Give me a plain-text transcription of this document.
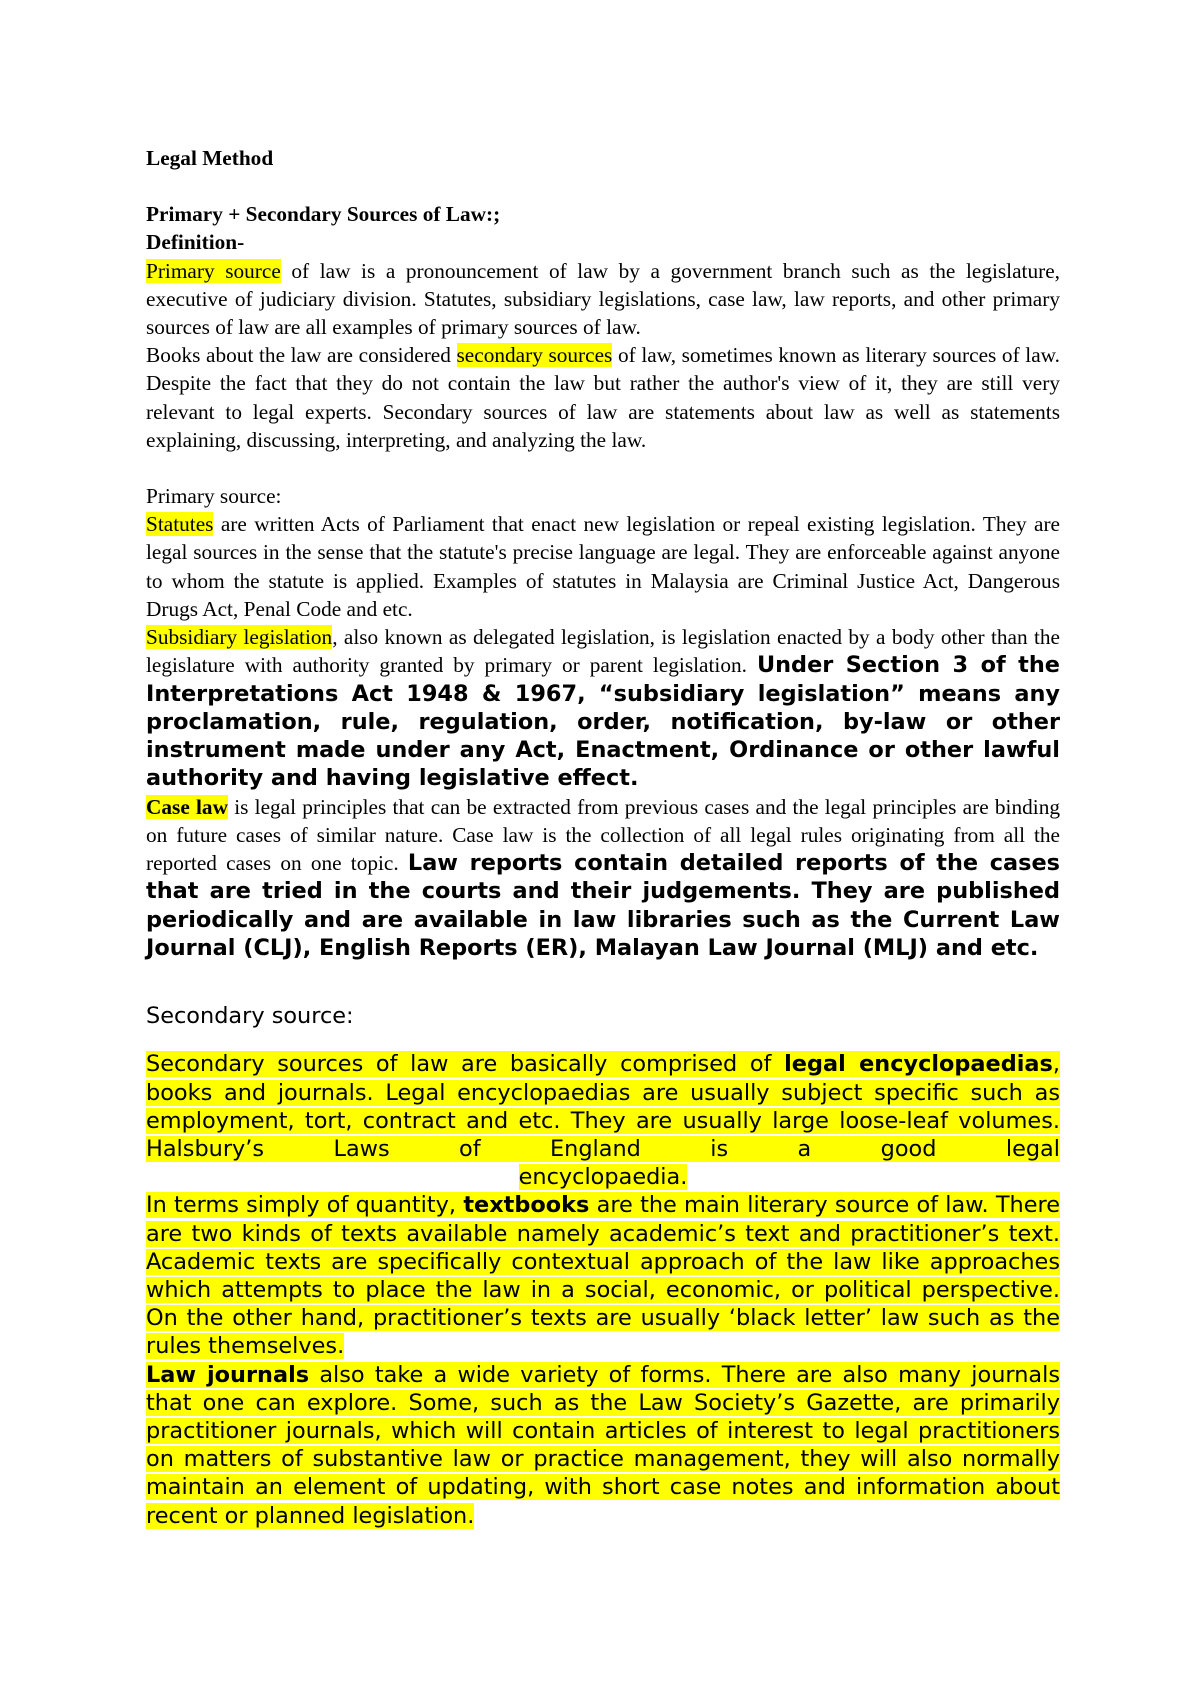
Legal Method

Primary + Secondary Sources of Law:;

Definition-

Primary source of law is a pronouncement of law by a government branch such as the legislature, executive of judiciary division. Statutes, subsidiary legislations, case law, law reports, and other primary sources of law are all examples of primary sources of law.

Books about the law are considered secondary sources of law, sometimes known as literary sources of law. Despite the fact that they do not contain the law but rather the author's view of it, they are still very relevant to legal experts. Secondary sources of law are statements about law as well as statements explaining, discussing, interpreting, and analyzing the law.

Primary source:

Statutes are written Acts of Parliament that enact new legislation or repeal existing legislation. They are legal sources in the sense that the statute's precise language are legal. They are enforceable against anyone to whom the statute is applied. Examples of statutes in Malaysia are Criminal Justice Act, Dangerous Drugs Act, Penal Code and etc.

Subsidiary legislation, also known as delegated legislation, is legislation enacted by a body other than the legislature with authority granted by primary or parent legislation. Under Section 3 of the Interpretations Act 1948 & 1967, “subsidiary legislation” means any proclamation, rule, regulation, order, notification, by-law or other instrument made under any Act, Enactment, Ordinance or other lawful authority and having legislative effect.

Case law is legal principles that can be extracted from previous cases and the legal principles are binding on future cases of similar nature. Case law is the collection of all legal rules originating from all the reported cases on one topic. Law reports contain detailed reports of the cases that are tried in the courts and their judgements. They are published periodically and are available in law libraries such as the Current Law Journal (CLJ), English Reports (ER), Malayan Law Journal (MLJ) and etc.

Secondary source:

Secondary sources of law are basically comprised of legal encyclopaedias, books and journals. Legal encyclopaedias are usually subject specific such as employment, tort, contract and etc. They are usually large loose-leaf volumes. Halsbury’s Laws of England is a good legal

encyclopaedia.

In terms simply of quantity, textbooks are the main literary source of law. There are two kinds of texts available namely academic’s text and practitioner’s text. Academic texts are specifically contextual approach of the law like approaches which attempts to place the law in a social, economic, or political perspective. On the other hand, practitioner’s texts are usually ‘black letter’ law such as the rules themselves.

Law journals also take a wide variety of forms. There are also many journals that one can explore. Some, such as the Law Society’s Gazette, are primarily practitioner journals, which will contain articles of interest to legal practitioners on matters of substantive law or practice management, they will also normally maintain an element of updating, with short case notes and information about recent or planned legislation.
